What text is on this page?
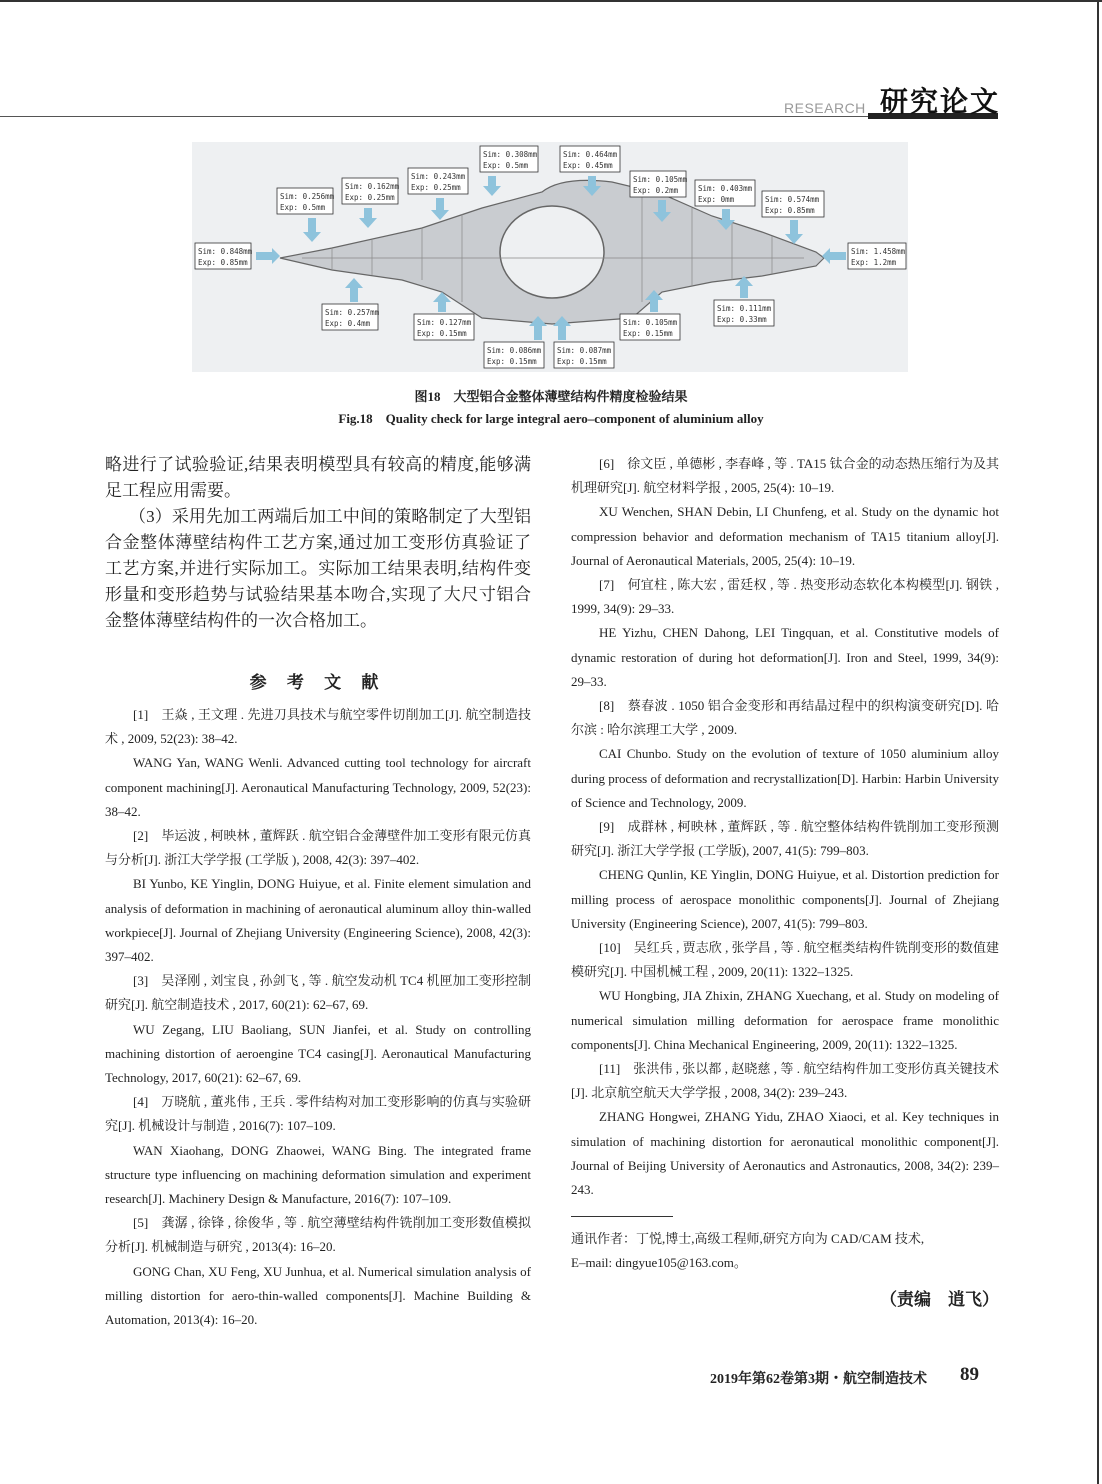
RESEARCH 研究论文
Sim: 0.848mm
Exp: 0.85mm
Sim: 0.256mm
Exp: 0.5mm
Sim: 0.162mm
Exp: 0.25mm
Sim: 0.243mm
Exp: 0.25mm
Sim: 0.308mm
Exp: 0.5mm
Sim: 0.464mm
Exp: 0.45mm
Sim: 0.105mm
Exp: 0.2mm	Sim: 0.403mm
Exp: 0mm	Sim: 0.574mm
Exp: 0.85mm
Sim: 1.458mm
Exp: 1.2mm
Sim: 0.257mm
Exp: 0.4mm	Sim: 0.127mm
Exp: 0.15mm
Sim: 0.086mm
Exp: 0.15mm
Sim: 0.087mm
Exp: 0.15mm
Sim: 0.105mm
Exp: 0.15mm
Sim: 0.111mm
Exp: 0.33mm
图18　大型铝合金整体薄壁结构件精度检验结果
Fig.18　Quality check for large integral aero–component of aluminium alloy

略进行了试验验证,结果表明模型具有较高的精度,能够满足工程应用需要。

（3）采用先加工两端后加工中间的策略制定了大型铝合金整体薄壁结构件工艺方案,通过加工变形仿真验证了工艺方案,并进行实际加工。实际加工结果表明,结构件变形量和变形趋势与试验结果基本吻合,实现了大尺寸铝合金整体薄壁结构件的一次合格加工。

参 考 文 献

[1]　王焱 , 王文理 . 先进刀具技术与航空零件切削加工[J]. 航空制造技术 , 2009, 52(23): 38–42.

WANG Yan, WANG Wenli. Advanced cutting tool technology for aircraft component machining[J]. Aeronautical Manufacturing Technology, 2009, 52(23): 38–42.

[2]　毕运波 , 柯映林 , 董辉跃 . 航空铝合金薄壁件加工变形有限元仿真与分析[J]. 浙江大学学报 (工学版 ), 2008, 42(3): 397–402.

BI Yunbo, KE Yinglin, DONG Huiyue, et al. Finite element simulation and analysis of deformation in machining of aeronautical aluminum alloy thin-walled workpiece[J]. Journal of Zhejiang University (Engineering Science), 2008, 42(3): 397–402.

[3]　吴泽刚 , 刘宝良 , 孙剑飞 , 等 . 航空发动机 TC4 机匣加工变形控制研究[J]. 航空制造技术 , 2017, 60(21): 62–67, 69.

WU Zegang, LIU Baoliang, SUN Jianfei, et al. Study on controlling machining distortion of aeroengine TC4 casing[J]. Aeronautical Manufacturing Technology, 2017, 60(21): 62–67, 69.

[4]　万晓航 , 董兆伟 , 王兵 . 零件结构对加工变形影响的仿真与实验研究[J]. 机械设计与制造 , 2016(7): 107–109.

WAN Xiaohang, DONG Zhaowei, WANG Bing. The integrated frame structure type influencing on machining deformation simulation and experiment research[J]. Machinery Design & Manufacture, 2016(7): 107–109.

[5]　龚潺 , 徐锋 , 徐俊华 , 等 . 航空薄壁结构件铣削加工变形数值模拟分析[J]. 机械制造与研究 , 2013(4): 16–20.

GONG Chan, XU Feng, XU Junhua, et al. Numerical simulation analysis of milling distortion for aero-thin-walled components[J]. Machine Building & Automation, 2013(4): 16–20.

[6]　徐文臣 , 单德彬 , 李春峰 , 等 . TA15 钛合金的动态热压缩行为及其机理研究[J]. 航空材料学报 , 2005, 25(4): 10–19.

XU Wenchen, SHAN Debin, LI Chunfeng, et al. Study on the dynamic hot compression behavior and deformation mechanism of TA15 titanium alloy[J]. Journal of Aeronautical Materials, 2005, 25(4): 10–19.

[7]　何宜柱 , 陈大宏 , 雷廷权 , 等 . 热变形动态软化本构模型[J]. 钢铁 , 1999, 34(9): 29–33.

HE Yizhu, CHEN Dahong, LEI Tingquan, et al. Constitutive models of dynamic restoration of during hot deformation[J]. Iron and Steel, 1999, 34(9): 29–33.

[8]　蔡春波 . 1050 铝合金变形和再结晶过程中的织构演变研究[D]. 哈尔滨 : 哈尔滨理工大学 , 2009.

CAI Chunbo. Study on the evolution of texture of 1050 aluminium alloy during process of deformation and recrystallization[D]. Harbin: Harbin University of Science and Technology, 2009.

[9]　成群林 , 柯映林 , 董辉跃 , 等 . 航空整体结构件铣削加工变形预测研究[J]. 浙江大学学报 (工学版), 2007, 41(5): 799–803.

CHENG Qunlin, KE Yinglin, DONG Huiyue, et al. Distortion prediction for milling process of aerospace monolithic components[J]. Journal of Zhejiang University (Engineering Science), 2007, 41(5): 799–803.

[10]　吴红兵 , 贾志欣 , 张学昌 , 等 . 航空框类结构件铣削变形的数值建模研究[J]. 中国机械工程 , 2009, 20(11): 1322–1325.

WU Hongbing, JIA Zhixin, ZHANG Xuechang, et al. Study on modeling of numerical simulation milling deformation for aerospace frame monolithic components[J]. China Mechanical Engineering, 2009, 20(11): 1322–1325.

[11]　张洪伟 , 张以都 , 赵晓慈 , 等 . 航空结构件加工变形仿真关键技术[J]. 北京航空航天大学学报 , 2008, 34(2): 239–243.

ZHANG Hongwei, ZHANG Yidu, ZHAO Xiaoci, et al. Key techniques in simulation of machining distortion for aeronautical monolithic component[J]. Journal of Beijing University of Aeronautics and Astronautics, 2008, 34(2): 239–243.

通讯作者：丁悦,博士,高级工程师,研究方向为 CAD/CAM 技术,

E–mail: dingyue105@163.com。

（责编　逍飞）
2019年第62卷第3期・航空制造技术 89
